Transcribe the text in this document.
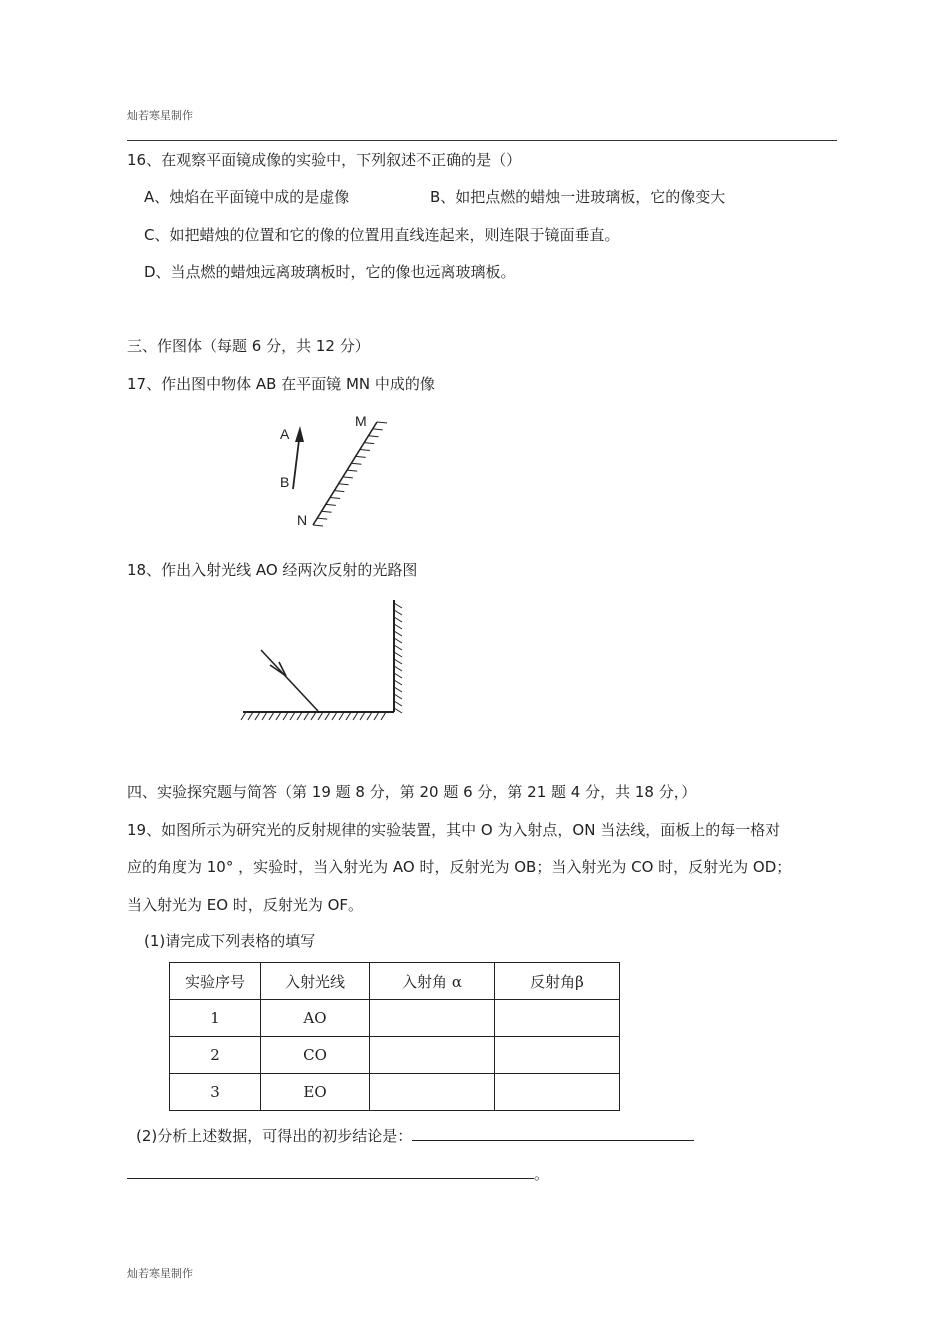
灿若寒星制作
16、在观察平面镜成像的实验中，下列叙述不正确的是（）
A、烛焰在平面镜中成的是虚像	B、如把点燃的蜡烛一进玻璃板，它的像变大
C、如把蜡烛的位置和它的像的位置用直线连起来，则连限于镜面垂直。
D、当点燃的蜡烛远离玻璃板时，它的像也远离玻璃板。
三、作图体（每题 6 分，共 12 分）
17、作出图中物体 AB 在平面镜 MN 中成的像
A
B
M
N
18、作出入射光线 AO 经两次反射的光路图
四、实验探究题与简答（第 19 题 8 分，第 20 题 6 分，第 21 题 4 分，共 18 分，）
19、如图所示为研究光的反射规律的实验装置，其中 O 为入射点，ON 当法线，面板上的每一格对
应的角度为 10° ，实验时，当入射光为 AO 时，反射光为 OB；当入射光为 CO 时，反射光为 OD；
当入射光为 EO 时，反射光为 OF。
(1)请完成下列表格的填写
实验序号	入射光线	入射角 α	反射角β
1	AO		
2	CO		
3	EO		
(2)分析上述数据，可得出的初步结论是：
。
灿若寒星制作
